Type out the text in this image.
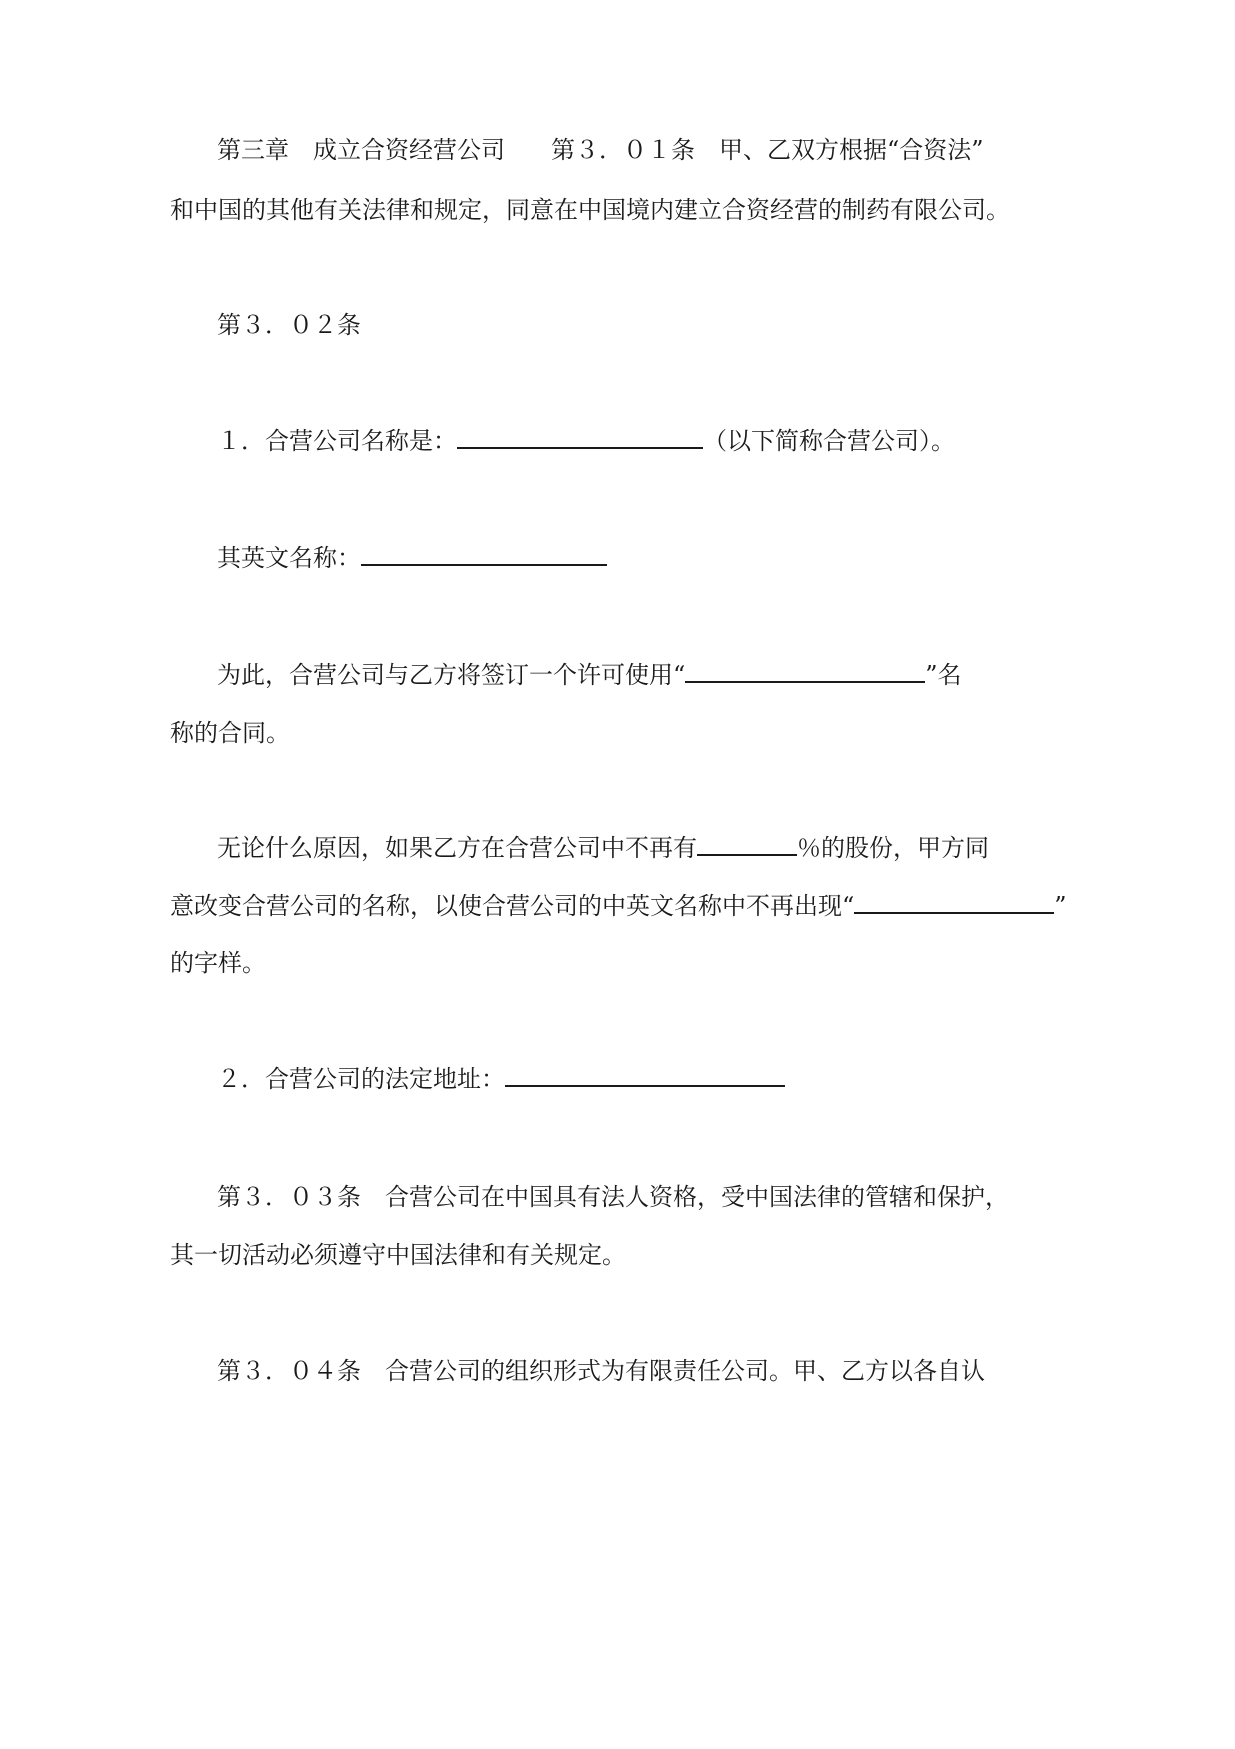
第三章　成立合资经营公司 第３．０１条 甲、乙双方根据“合资法”
和中国的其他有关法律和规定，同意在中国境内建立合资经营的制药有限公司。
第３．０２条
１．合营公司名称是：	（以下简称合营公司）。
其英文名称：
为此，合营公司与乙方将签订一个许可使用“	”名
称的合同。
无论什么原因，如果乙方在合营公司中不再有	％的股份，甲方同
意改变合营公司的名称，以使合营公司的中英文名称中不再出现“	”
的字样。
２．合营公司的法定地址：
第３．０３条 合营公司在中国具有法人资格，受中国法律的管辖和保护，
其一切活动必须遵守中国法律和有关规定。
第３．０４条 合营公司的组织形式为有限责任公司。甲、乙方以各自认
